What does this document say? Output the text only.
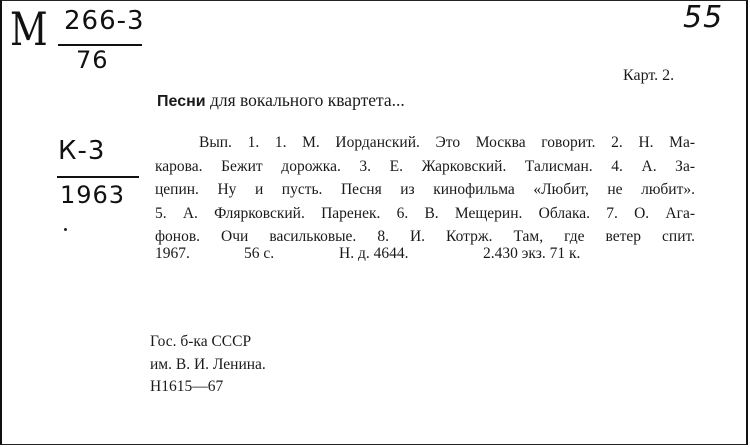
М 266-3
76
55
Карт. 2.
Песни для вокального квартета...
К-3
1963
Вып. 1. 1. М. Иорданский. Это Москва говорит. 2. Н. Ма-
карова. Бежит дорожка. 3. Е. Жарковский. Талисман. 4. А. За-
цепин. Ну и пусть. Песня из кинофильма «Любит, не любит».
5. А. Флярковский. Паренек. 6. В. Мещерин. Облака. 7. О. Ага-
фонов. Очи васильковые. 8. И. Котрж. Там, где ветер спит.
1967.	56 с.	Н. д. 4644.	2.430 экз. 71 к.
Гос. б-ка СССР
им. В. И. Ленина.
Н1615—67
